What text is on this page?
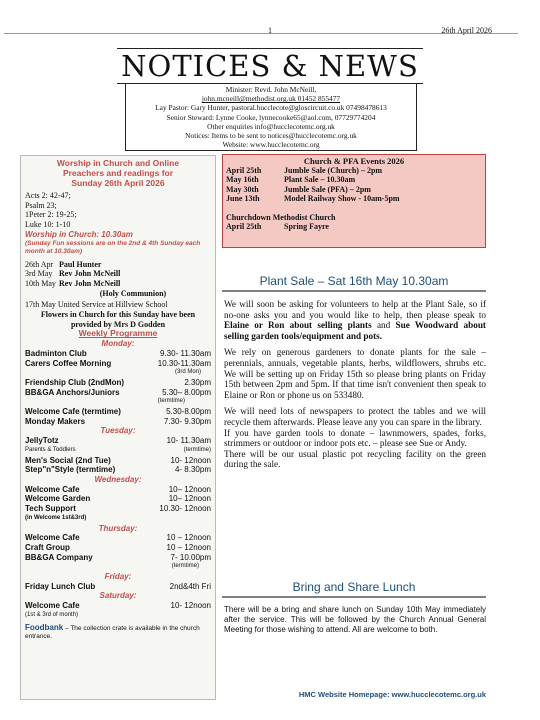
1	26th April 2026
NOTICES & NEWS
Minister: Revd. John McNeill,
john.mcneill@methodist.org.uk 01452 855477
Lay Pastor: Gary Hunter, pastoral.hucclecote@gloscircuit.co.uk 07498478613
Senior Steward: Lynne Cooke, lynnecooke65@aol.com, 07729774204
Other enquiries info@hucclecotemc.org.uk
Notices: Items to be sent to notices@hucclecotemc.org.uk
Website: www.hucclecotemc.org
Worship in Church and Online
Preachers and readings for
Sunday 26th April 2026
Acts 2: 42-47;
Psalm 23;
1Peter 2: 19-25;
Luke 10: 1-10
Worship in Church: 10.30am
(Sunday Fun sessions are on the 2nd & 4th Sunday each month at 10.30am)
26th Apr Paul Hunter
3rd May Rev John McNeill
10th May Rev John McNeill
(Holy Communion)
17th May United Service at Hillview School
Flowers in Church for this Sunday have been provided by Mrs D Godden
Weekly Programme
Monday:
Badminton Club	9.30- 11.30am
Carers Coffee Morning	10.30-11.30am
(3rd Mon)
Friendship Club (2ndMon)	2.30pm
BB&GA Anchors/Juniors	5.30– 8.00pm
(termtime)
Welcome Cafe (termtime)	5.30-8.00pm
Monday Makers	7.30- 9.30pm
Tuesday:
JellyTotz	10- 11.30am
Parents & Toddlers	(termtime)
Men's Social (2nd Tue)	10- 12noon
Step"n"Style (termtime)	4- 8.30pm
Wednesday:
Welcome Cafe	10– 12noon
Welcome Garden	10– 12noon
Tech Support	10.30- 12noon
(in Welcome 1st&3rd)
Thursday:
Welcome Cafe	10 – 12noon
Craft Group	10 – 12noon
BB&GA Company	7- 10.00pm
(termtime)
Friday:
Friday Lunch Club	2nd&4th Fri
Saturday:
Welcome Cafe	10- 12noon
(1st & 3rd of month)
Foodbank – The collection crate is available in the church entrance.
Church & PFA Events 2026
April 25th	Jumble Sale (Church) – 2pm
May 16th	Plant Sale – 10.30am
May 30th	Jumble Sale (PFA) – 2pm
June 13th	Model Railway Show - 10am-5pm
Churchdown Methodist Church
April 25th	Spring Fayre
Plant Sale – Sat 16th May 10.30am

We will soon be asking for volunteers to help at the Plant Sale, so if no-one asks you and you would like to help, then please speak to Elaine or Ron about selling plants and Sue Woodward about selling garden tools/equipment and pots.

We rely on generous gardeners to donate plants for the sale – perennials, annuals, vegetable plants, herbs, wildflowers, shrubs etc. We will be setting up on Friday 15th so please bring plants on Friday 15th between 2pm and 5pm. If that time isn't convenient then speak to Elaine or Ron or phone us on 533480.

We will need lots of newspapers to protect the tables and we will recycle them afterwards. Please leave any you can spare in the library.
If you have garden tools to donate – lawnmowers, spades, forks, strimmers or outdoor or indoor pots etc. – please see Sue or Andy.
There will be our usual plastic pot recycling facility on the green during the sale.
Bring and Share Lunch
There will be a bring and share lunch on Sunday 10th May immediately after the service. This will be followed by the Church Annual General Meeting for those wishing to attend. All are welcome to both.
HMC Website Homepage: www.hucclecotemc.org.uk
